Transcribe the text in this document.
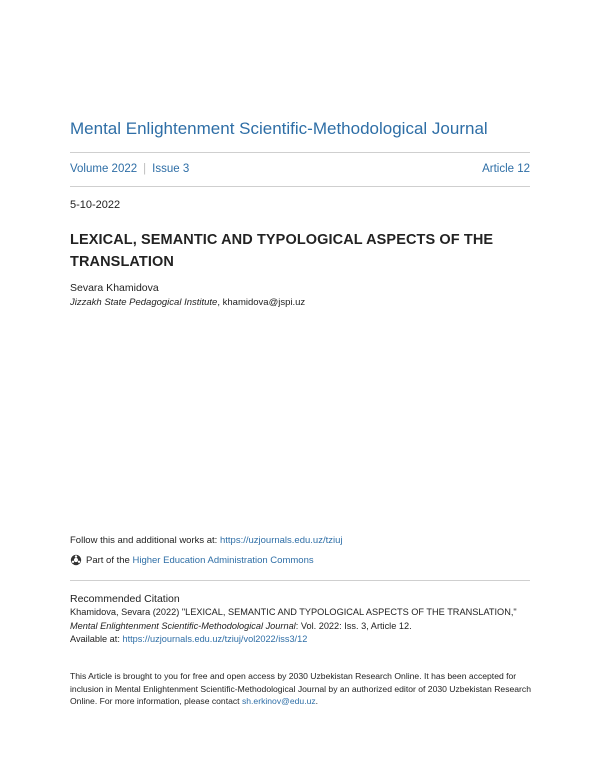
Mental Enlightenment Scientific-Methodological Journal
Volume 2022 | Issue 3	Article 12
5-10-2022
LEXICAL, SEMANTIC AND TYPOLOGICAL ASPECTS OF THE
TRANSLATION
Sevara Khamidova
Jizzakh State Pedagogical Institute, khamidova@jspi.uz
Follow this and additional works at: https://uzjournals.edu.uz/tziuj
Part of the
Higher Education Administration Commons
Recommended Citation
Khamidova, Sevara (2022) "LEXICAL, SEMANTIC AND TYPOLOGICAL ASPECTS OF THE TRANSLATION,"
Mental Enlightenment Scientific-Methodological Journal: Vol. 2022: Iss. 3, Article 12.
Available at: https://uzjournals.edu.uz/tziuj/vol2022/iss3/12
This Article is brought to you for free and open access by 2030 Uzbekistan Research Online. It has been accepted for inclusion in Mental Enlightenment Scientific-Methodological Journal by an authorized editor of 2030 Uzbekistan Research Online. For more information, please contact sh.erkinov@edu.uz.
